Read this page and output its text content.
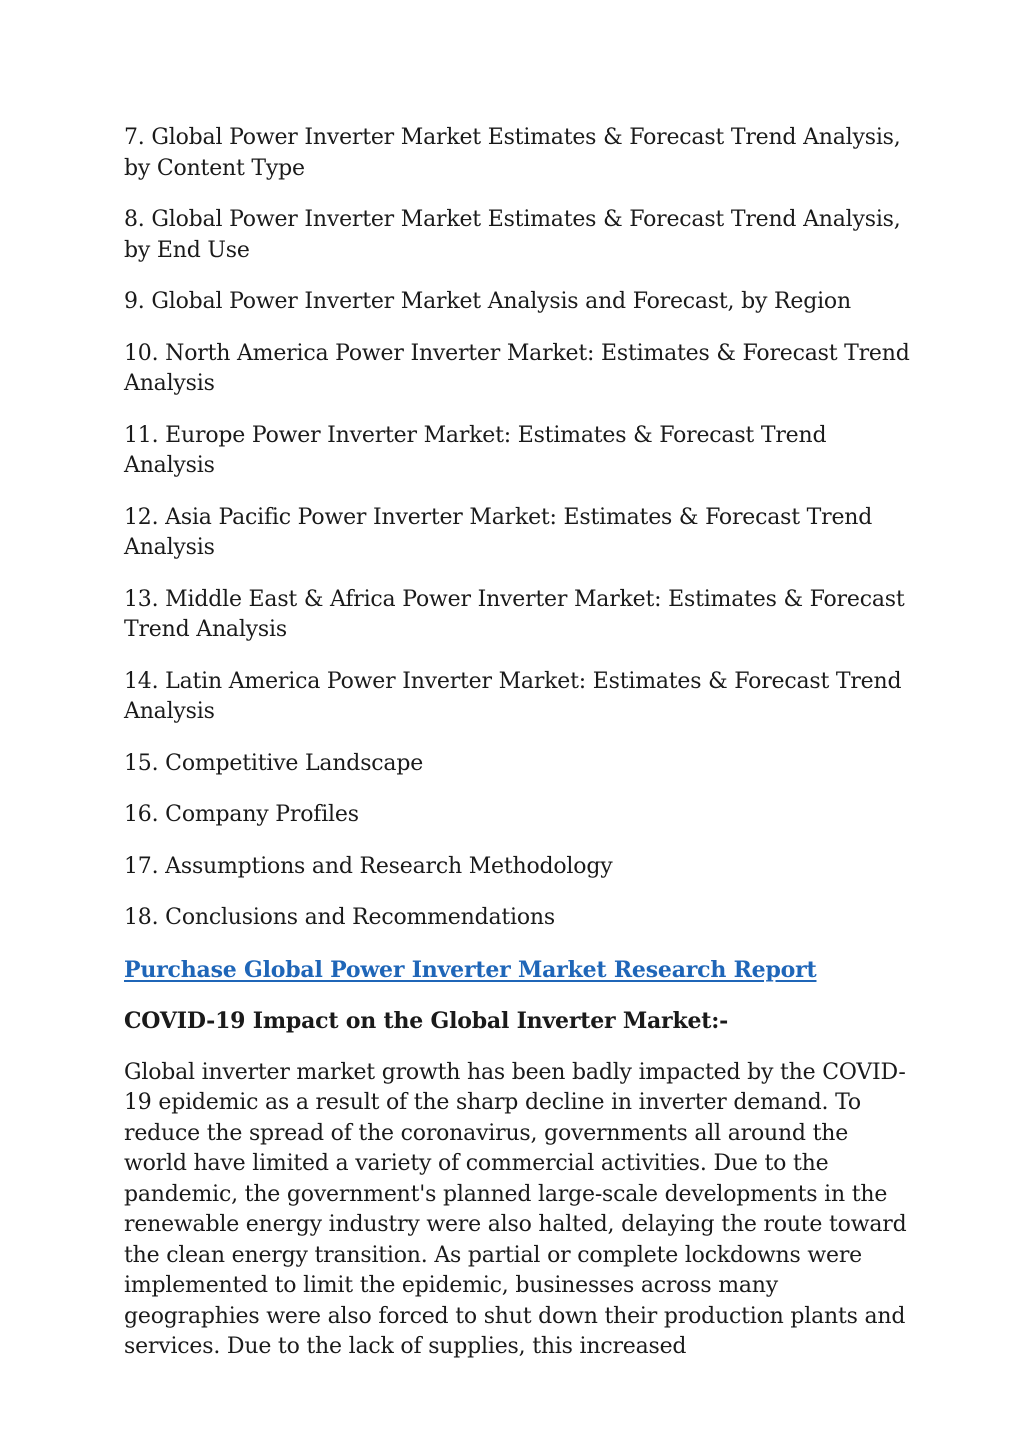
7. Global Power Inverter Market Estimates & Forecast Trend Analysis, by Content Type

8. Global Power Inverter Market Estimates & Forecast Trend Analysis, by End Use

9. Global Power Inverter Market Analysis and Forecast, by Region

10. North America Power Inverter Market: Estimates & Forecast Trend Analysis

11. Europe Power Inverter Market: Estimates & Forecast Trend Analysis

12. Asia Pacific Power Inverter Market: Estimates & Forecast Trend Analysis

13. Middle East & Africa Power Inverter Market: Estimates & Forecast Trend Analysis

14. Latin America Power Inverter Market: Estimates & Forecast Trend Analysis

15. Competitive Landscape

16. Company Profiles

17. Assumptions and Research Methodology

18. Conclusions and Recommendations

Purchase Global Power Inverter Market Research Report

COVID-19 Impact on the Global Inverter Market:-

Global inverter market growth has been badly impacted by the COVID-19 epidemic as a result of the sharp decline in inverter demand. To reduce the spread of the coronavirus, governments all around the world have limited a variety of commercial activities. Due to the pandemic, the government's planned large-scale developments in the renewable energy industry were also halted, delaying the route toward the clean energy transition. As partial or complete lockdowns were implemented to limit the epidemic, businesses across many geographies were also forced to shut down their production plants and services. Due to the lack of supplies, this increased
